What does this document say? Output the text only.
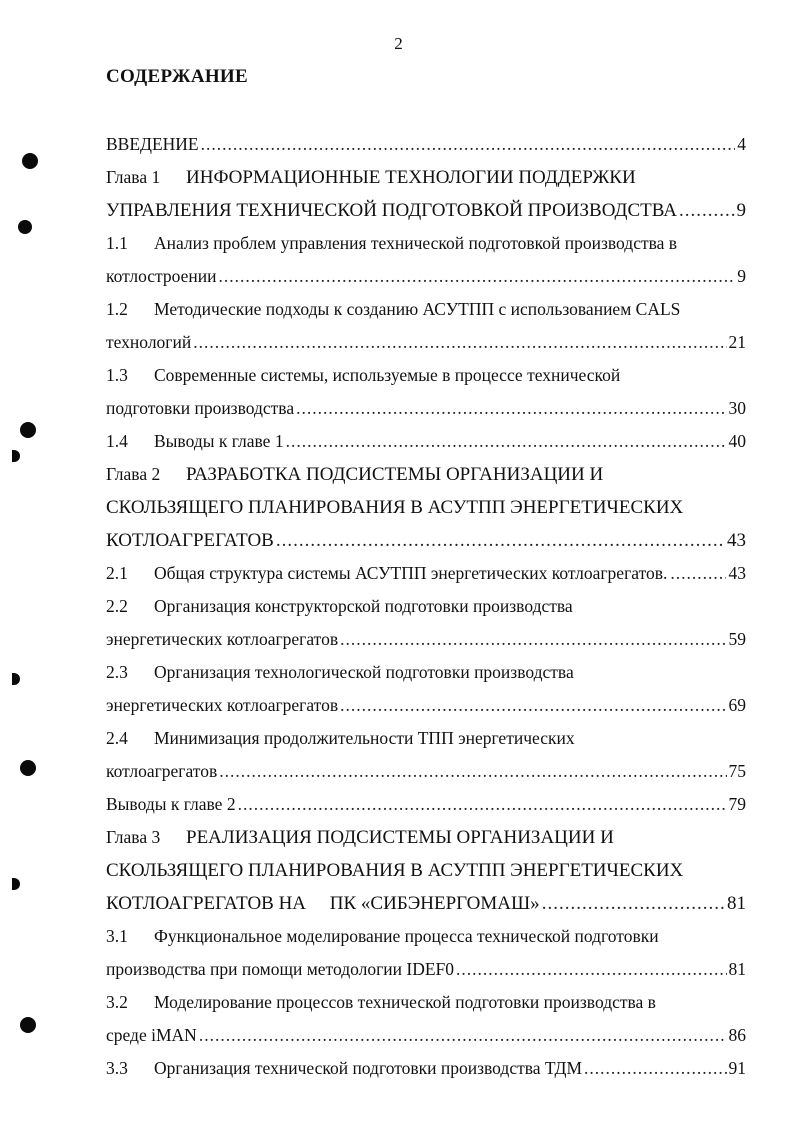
2
СОДЕРЖАНИЕ
ВВЕДЕНИЕ .....	4
Глава 1 ИНФОРМАЦИОННЫЕ ТЕХНОЛОГИИ ПОДДЕРЖКИ
УПРАВЛЕНИЯ ТЕХНИЧЕСКОЙ ПОДГОТОВКОЙ ПРОИЗВОДСТВА .....	9
1.1 Анализ проблем управления технической подготовкой производства в
котлостроении .....	9
1.2 Методические подходы к созданию АСУТПП с использованием CALS
технологий .....	21
1.3 Современные системы, используемые в процессе технической
подготовки производства .....	30
1.4 Выводы к главе 1 .....	40
Глава 2 РАЗРАБОТКА ПОДСИСТЕМЫ ОРГАНИЗАЦИИ И
СКОЛЬЗЯЩЕГО ПЛАНИРОВАНИЯ В АСУТПП ЭНЕРГЕТИЧЕСКИХ
КОТЛОАГРЕГАТОВ .....	43
2.1 Общая структура системы АСУТПП энергетических котлоагрегатов. .....	43
2.2 Организация конструкторской подготовки производства
энергетических котлоагрегатов .....	59
2.3 Организация технологической подготовки производства
энергетических котлоагрегатов .....	69
2.4 Минимизация продолжительности ТПП энергетических
котлоагрегатов .....	75
Выводы к главе 2 .....	79
Глава 3 РЕАЛИЗАЦИЯ ПОДСИСТЕМЫ ОРГАНИЗАЦИИ И
СКОЛЬЗЯЩЕГО ПЛАНИРОВАНИЯ В АСУТПП ЭНЕРГЕТИЧЕСКИХ
КОТЛОАГРЕГАТОВ НА     ПК «СИБЭНЕРГОМАШ» .....	81
3.1 Функциональное моделирование процесса технической подготовки
производства при помощи методологии IDEF0 .....	81
3.2 Моделирование процессов технической подготовки производства в
среде iMAN .....	86
3.3 Организация технической подготовки производства ТДМ .....	91
